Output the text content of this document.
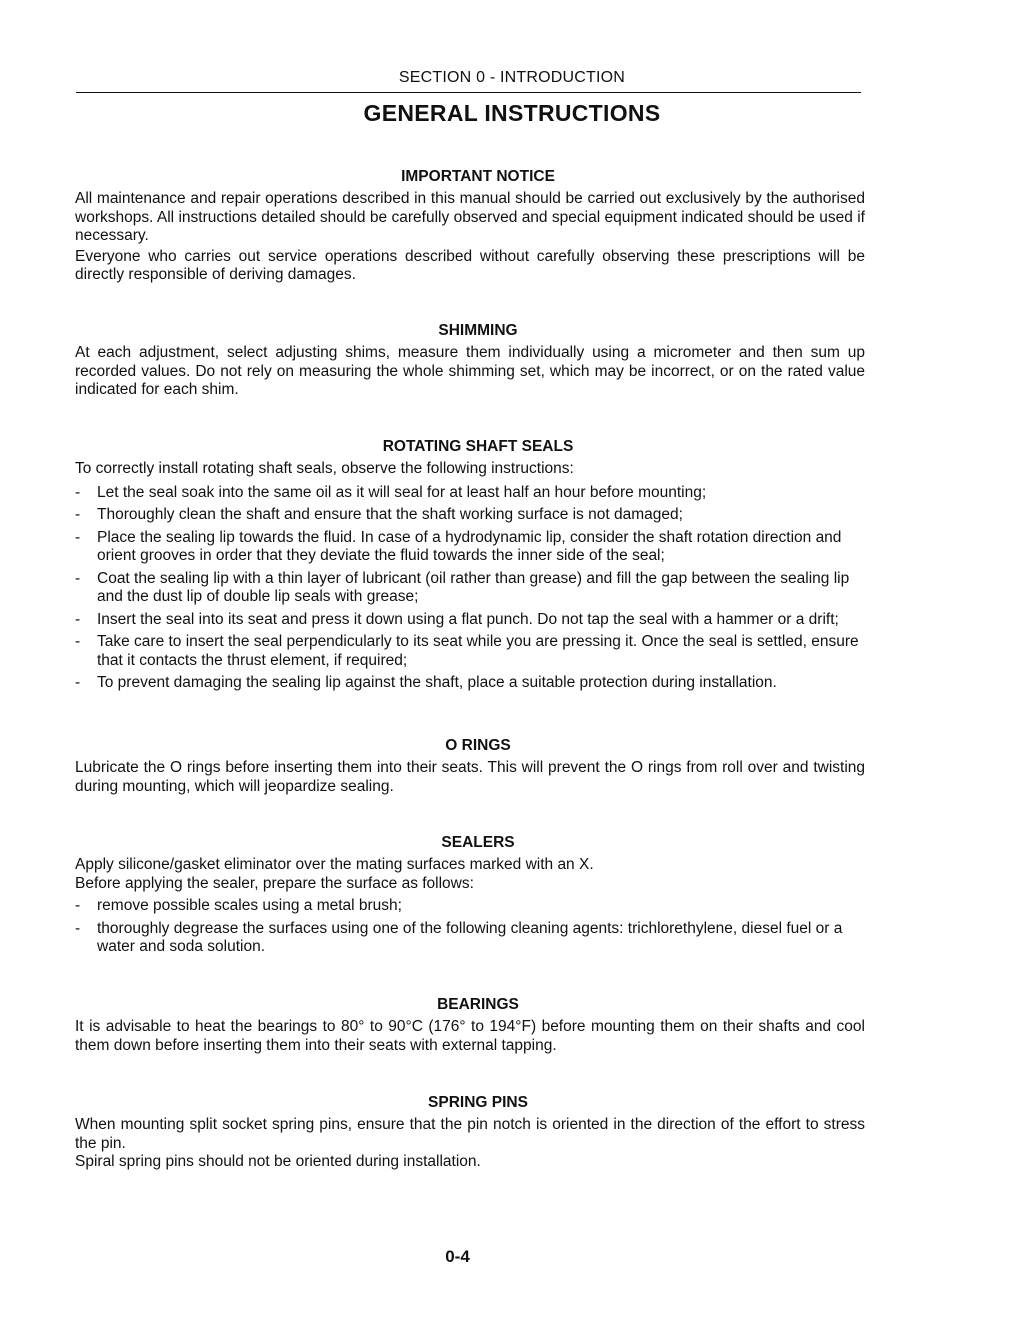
SECTION 0 - INTRODUCTION
GENERAL INSTRUCTIONS
IMPORTANT NOTICE

All maintenance and repair operations described in this manual should be carried out exclusively by the authorised workshops. All instructions detailed should be carefully observed and special equipment indicated should be used if necessary.

Everyone who carries out service operations described without carefully observing these prescriptions will be directly responsible of deriving damages.

SHIMMING

At each adjustment, select adjusting shims, measure them individually using a micrometer and then sum up recorded values. Do not rely on measuring the whole shimming set, which may be incorrect, or on the rated value indicated for each shim.

ROTATING SHAFT SEALS

To correctly install rotating shaft seals, observe the following instructions:

- Let the seal soak into the same oil as it will seal for at least half an hour before mounting;
- Thoroughly clean the shaft and ensure that the shaft working surface is not damaged;
- Place the sealing lip towards the fluid. In case of a hydrodynamic lip, consider the shaft rotation direction and orient grooves in order that they deviate the fluid towards the inner side of the seal;
- Coat the sealing lip with a thin layer of lubricant (oil rather than grease) and fill the gap between the sealing lip and the dust lip of double lip seals with grease;
- Insert the seal into its seat and press it down using a flat punch. Do not tap the seal with a hammer or a drift;
- Take care to insert the seal perpendicularly to its seat while you are pressing it. Once the seal is settled, ensure that it contacts the thrust element, if required;
- To prevent damaging the sealing lip against the shaft, place a suitable protection during installation.
O RINGS

Lubricate the O rings before inserting them into their seats. This will prevent the O rings from roll over and twisting during mounting, which will jeopardize sealing.

SEALERS

Apply silicone/gasket eliminator over the mating surfaces marked with an X.

Before applying the sealer, prepare the surface as follows:

- remove possible scales using a metal brush;
- thoroughly degrease the surfaces using one of the following cleaning agents: trichlorethylene, diesel fuel or a water and soda solution.
BEARINGS

It is advisable to heat the bearings to 80° to 90°C (176° to 194°F) before mounting them on their shafts and cool them down before inserting them into their seats with external tapping.

SPRING PINS

When mounting split socket spring pins, ensure that the pin notch is oriented in the direction of the effort to stress the pin.

Spiral spring pins should not be oriented during installation.

0-4
